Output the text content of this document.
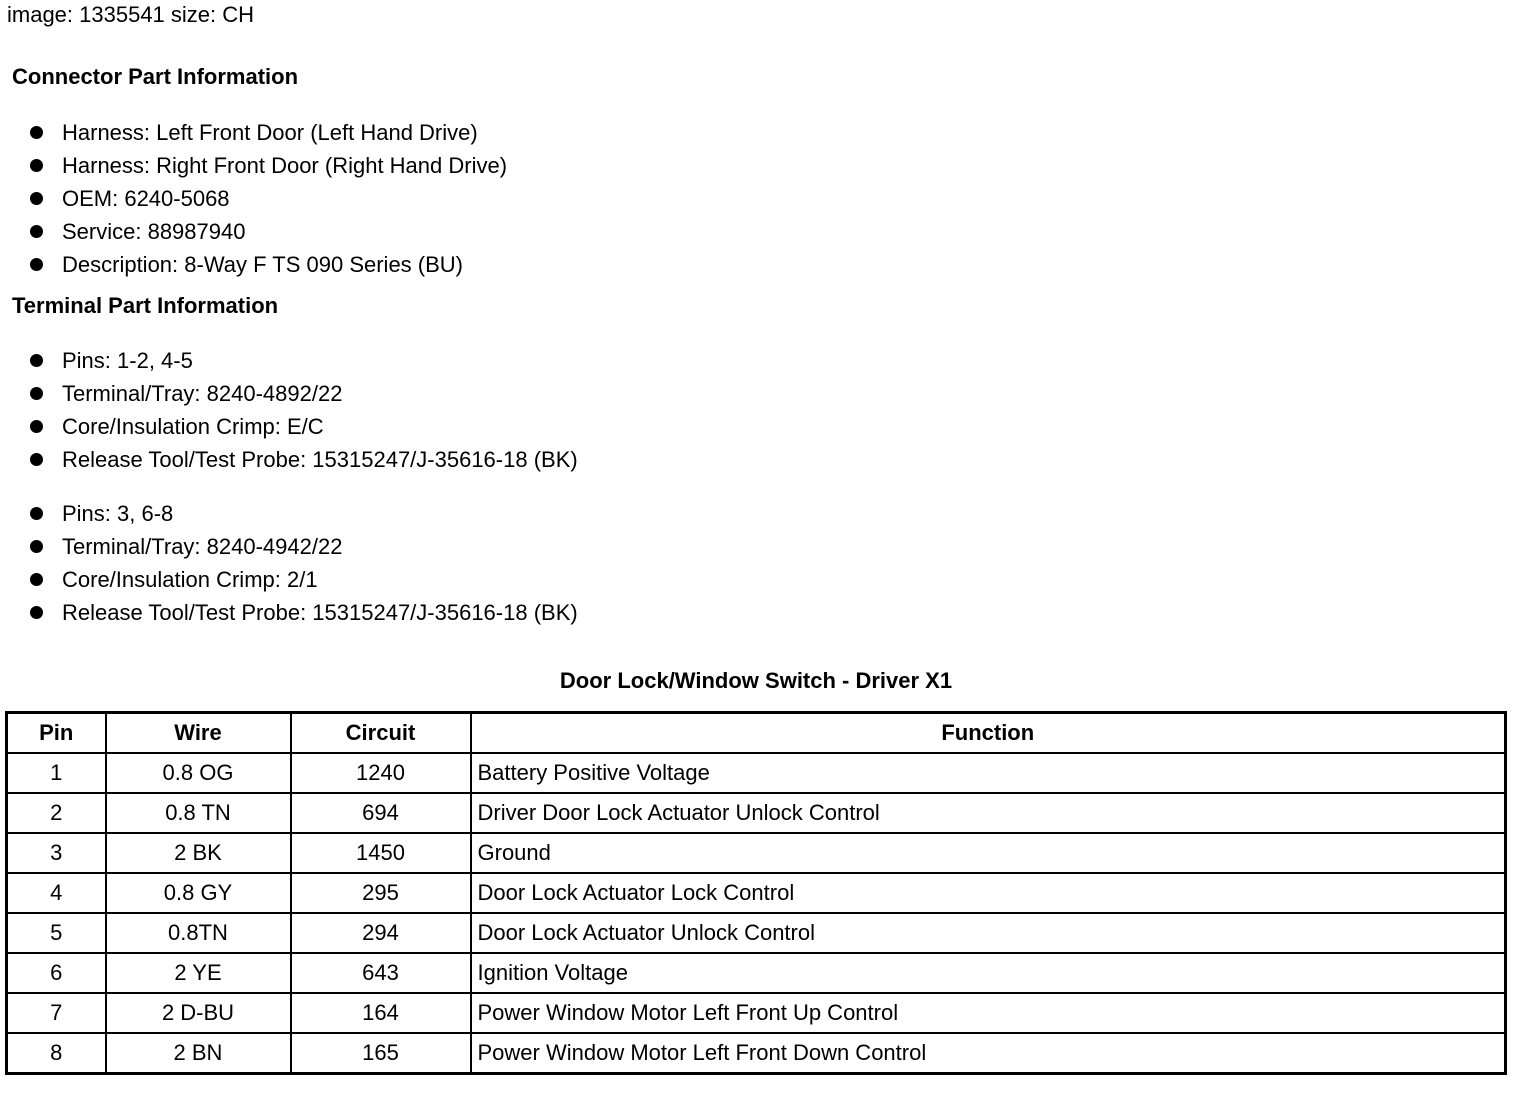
image: 1335541 size: CH
Connector Part Information
Harness: Left Front Door (Left Hand Drive)
Harness: Right Front Door (Right Hand Drive)
OEM: 6240-5068
Service: 88987940
Description: 8-Way F TS 090 Series (BU)
Terminal Part Information
Pins: 1-2, 4-5
Terminal/Tray: 8240-4892/22
Core/Insulation Crimp: E/C
Release Tool/Test Probe: 15315247/J-35616-18 (BK)
Pins: 3, 6-8
Terminal/Tray: 8240-4942/22
Core/Insulation Crimp: 2/1
Release Tool/Test Probe: 15315247/J-35616-18 (BK)
Door Lock/Window Switch - Driver X1
Pin	Wire	Circuit	Function
1	0.8 OG	1240	Battery Positive Voltage
2	0.8 TN	694	Driver Door Lock Actuator Unlock Control
3	2 BK	1450	Ground
4	0.8 GY	295	Door Lock Actuator Lock Control
5	0.8TN	294	Door Lock Actuator Unlock Control
6	2 YE	643	Ignition Voltage
7	2 D-BU	164	Power Window Motor Left Front Up Control
8	2 BN	165	Power Window Motor Left Front Down Control
